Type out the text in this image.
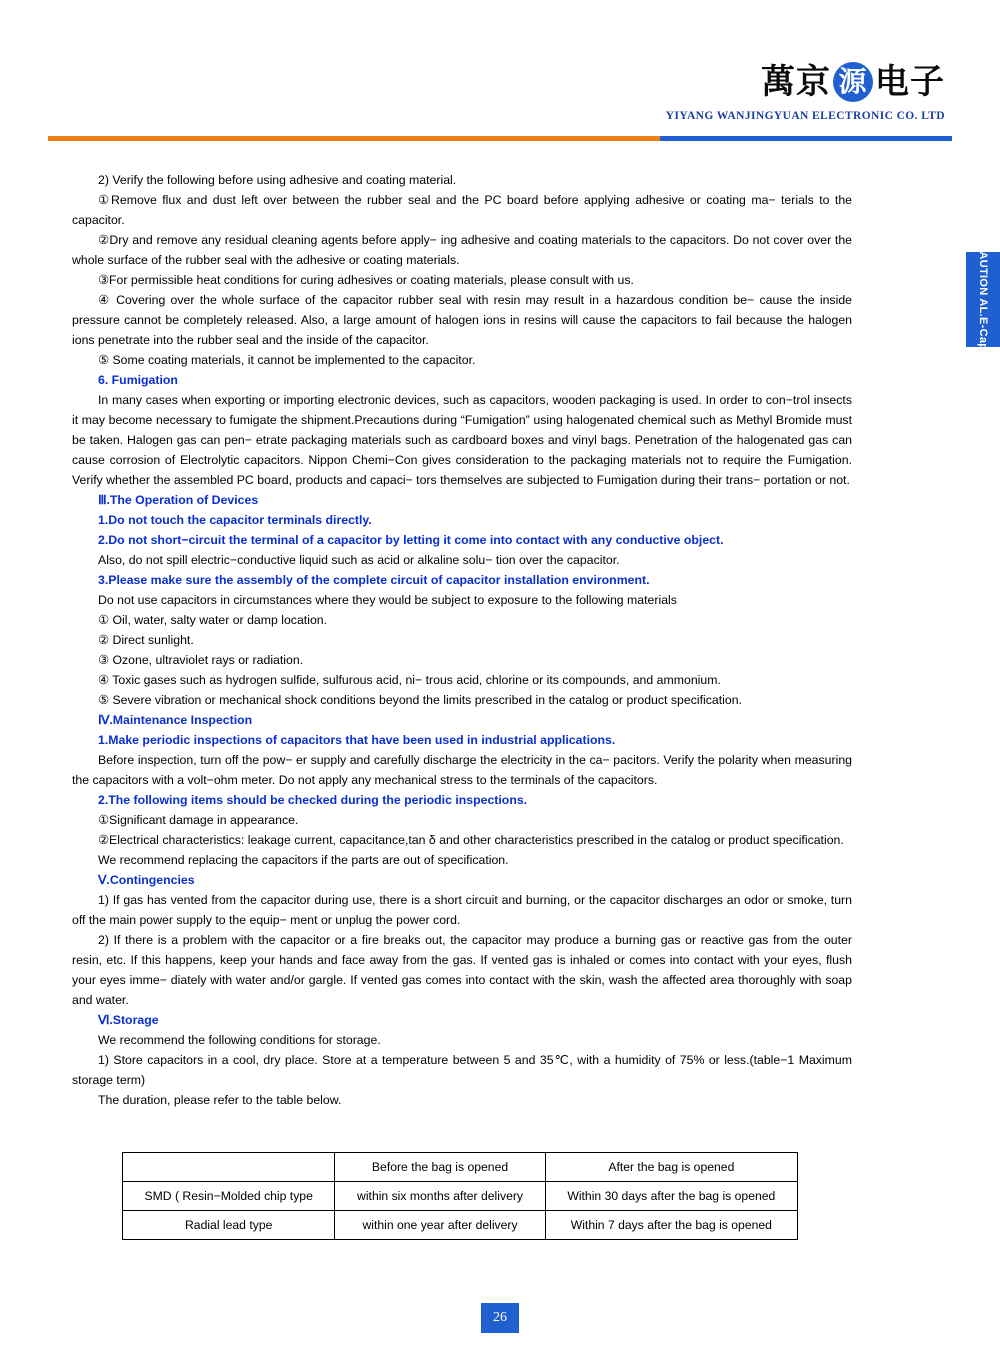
萬京 源 电子
YIYANG WANJINGYUAN ELECTRONIC CO. LTD
CAUTION AL.E-Caps

2) Verify the following before using adhesive and coating material.

①Remove flux and dust left over between the rubber seal and the PC board before applying adhesive or coating ma− terials to the capacitor.

②Dry and remove any residual cleaning agents before apply− ing adhesive and coating materials to the capacitors. Do not cover over the whole surface of the rubber seal with the adhesive or coating materials.

③For permissible heat conditions for curing adhesives or coating materials, please consult with us.

④ Covering over the whole surface of the capacitor rubber seal with resin may result in a hazardous condition be− cause the inside pressure cannot be completely released. Also, a large amount of halogen ions in resins will cause the capacitors to fail because the halogen ions penetrate into the rubber seal and the inside of the capacitor.

⑤ Some coating materials, it cannot be implemented to the capacitor.

6. Fumigation

In many cases when exporting or importing electronic devices, such as capacitors, wooden packaging is used. In order to con−trol insects it may become necessary to fumigate the shipment.Precautions during “Fumigation” using halogenated chemical such as Methyl Bromide must be taken. Halogen gas can pen− etrate packaging materials such as cardboard boxes and vinyl bags. Penetration of the halogenated gas can cause corrosion of Electrolytic capacitors. Nippon Chemi−Con gives consideration to the packaging materials not to require the Fumigation. Verify whether the assembled PC board, products and capaci− tors themselves are subjected to Fumigation during their trans− portation or not.

Ⅲ.The Operation of Devices

1.Do not touch the capacitor terminals directly.

2.Do not short−circuit the terminal of a capacitor by letting it come into contact with any conductive object.

Also, do not spill electric−conductive liquid such as acid or alkaline solu− tion over the capacitor.

3.Please make sure the assembly of the complete circuit of capacitor installation environment.

Do not use capacitors in circumstances where they would be subject to exposure to the following materials

① Oil, water, salty water or damp location.

② Direct sunlight.

③ Ozone, ultraviolet rays or radiation.

④ Toxic gases such as hydrogen sulfide, sulfurous acid, ni− trous acid, chlorine or its compounds, and ammonium.

⑤ Severe vibration or mechanical shock conditions beyond the limits prescribed in the catalog or product specification.

Ⅳ.Maintenance Inspection

1.Make periodic inspections of capacitors that have been used in industrial applications.

Before inspection, turn off the pow− er supply and carefully discharge the electricity in the ca− pacitors. Verify the polarity when measuring the capacitors with a volt−ohm meter. Do not apply any mechanical stress to the terminals of the capacitors.

2.The following items should be checked during the periodic inspections.

①Significant damage in appearance.

②Electrical characteristics: leakage current, capacitance,tan δ and other characteristics prescribed in the catalog or product specification.

We recommend replacing the capacitors if the parts are out of specification.

Ⅴ.Contingencies

1) If gas has vented from the capacitor during use, there is a short circuit and burning, or the capacitor discharges an odor or smoke, turn off the main power supply to the equip− ment or unplug the power cord.

2) If there is a problem with the capacitor or a fire breaks out, the capacitor may produce a burning gas or reactive gas from the outer resin, etc. If this happens, keep your hands and face away from the gas. If vented gas is inhaled or comes into contact with your eyes, flush your eyes imme− diately with water and/or gargle. If vented gas comes into contact with the skin, wash the affected area thoroughly with soap and water.

Ⅵ.Storage

We recommend the following conditions for storage.

1) Store capacitors in a cool, dry place. Store at a temperature between 5 and 35℃, with a humidity of 75% or less.(table−1 Maximum storage term)

The duration, please refer to the table below.

	Before the bag is opened	After the bag is opened
SMD ( Resin−Molded chip type	within six months after delivery	Within 30 days after the bag is opened
Radial lead type	within one year after delivery	Within 7 days after the bag is opened
26
